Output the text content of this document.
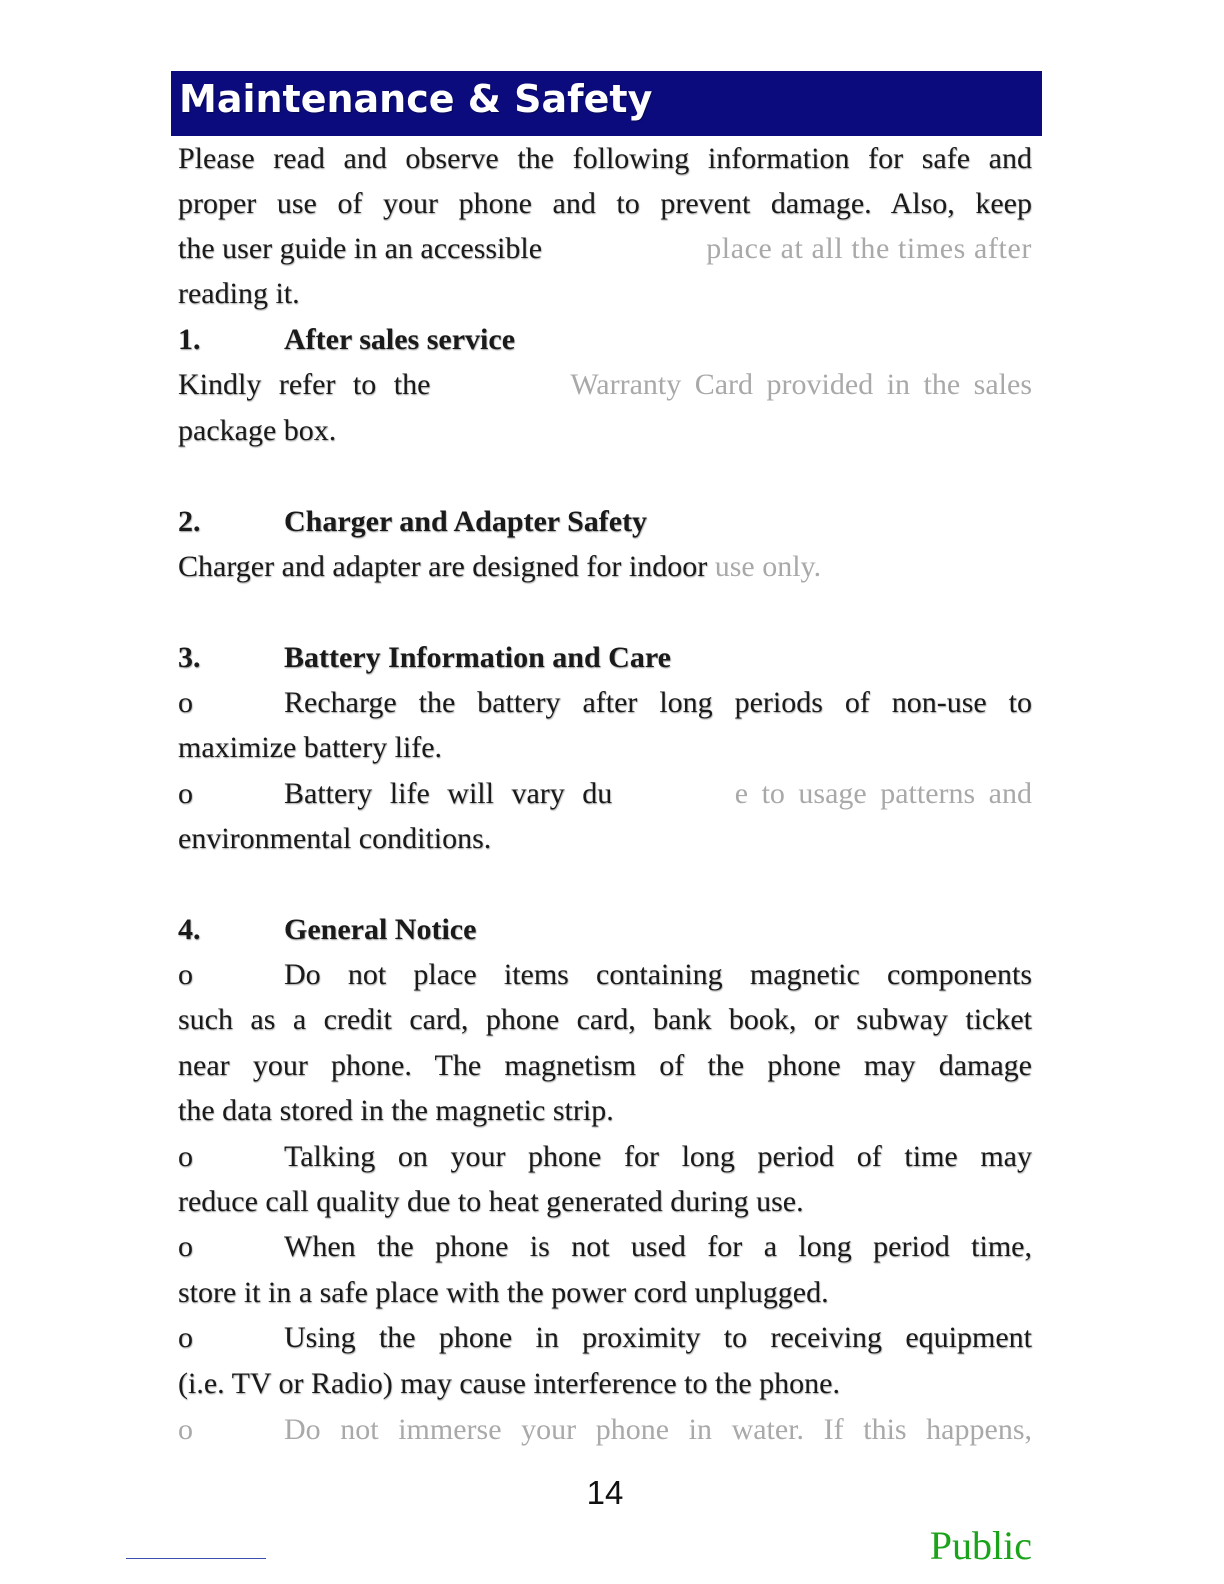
Maintenance & Safety
Please read and observe the following information for safe and
proper use of your phone and to prevent damage. Also, keep
the user guide in an accessible	place at all the times after
reading it.
1.	After sales service
Kindly refer to the	Warranty Card provided in the sales
package box.
2.	Charger and Adapter Safety
Charger and adapter are designed for indoor use only.
3.	Battery Information and Care
o	Recharge the battery after long periods of non-use to
maximize battery life.
o	Battery life will vary du	e to usage patterns and
environmental conditions.
4.	General Notice
o	Do not place items containing magnetic components
such as a credit card, phone card, bank book, or subway ticket
near your phone. The magnetism of the phone may damage
the data stored in the magnetic strip.
o	Talking on your phone for long period of time may
reduce call quality due to heat generated during use.
o	When the phone is not used for a long period time,
store it in a safe place with the power cord unplugged.
o	Using the phone in proximity to receiving equipment
(i.e. TV or Radio) may cause interference to the phone.
o	Do not immerse your phone in water. If this happens,
14
Public
